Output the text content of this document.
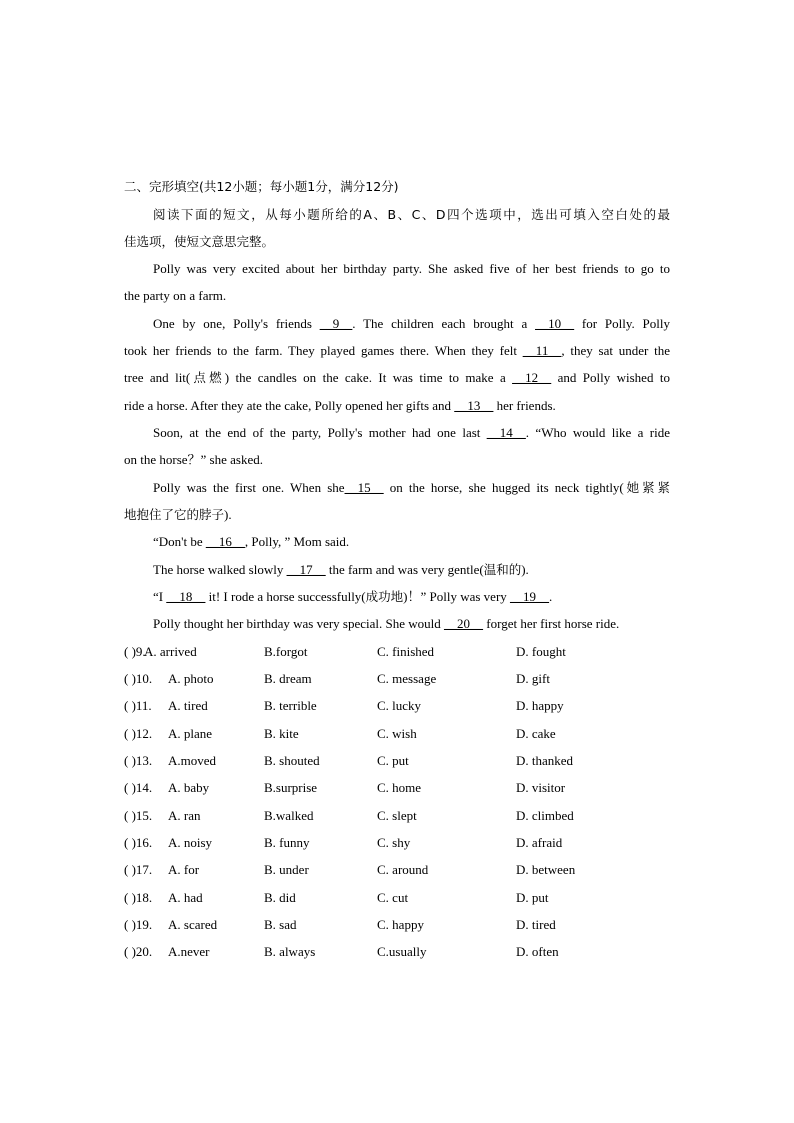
二、完形填空(共12小题；每小题1分，满分12分)
阅读下面的短文，从每小题所给的A、B、C、D四个选项中，选出可填入空白处的最
佳选项，使短文意思完整。
Polly was very excited about her birthday party. She asked five of her best friends to go to
the party on a farm.
One by one, Polly's friends __9__. The children each brought a __10__ for Polly. Polly
took her friends to the farm. They played games there. When they felt __11__, they sat under the
tree and lit(点燃) the candles on the cake. It was time to make a __12__ and Polly wished to
ride a horse. After they ate the cake, Polly opened her gifts and __13__ her friends.
Soon, at the end of the party, Polly's mother had one last __14__. “Who would like a ride
on the horse？” she asked.
Polly was the first one. When she__15__ on the horse, she hugged its neck tightly(她紧紧
地抱住了它的脖子).
“Don't be __16__, Polly, ” Mom said.
The horse walked slowly __17__ the farm and was very gentle(温和的).
“I __18__ it! I rode a horse successfully(成功地)！” Polly was very __19__.
Polly thought her birthday was very special. She would __20__ forget her first horse ride.
( )9.
A. arrived	B.forgot	C. finished	D. fought
( )10. A. photo	B. dream	C. message	D. gift
( )11. A. tired	B. terrible	C. lucky	D. happy
( )12. A. plane	B. kite	C. wish	D. cake
( )13. A.moved	B. shouted	C. put	D. thanked
( )14. A. baby	B.surprise	C. home	D. visitor
( )15. A. ran	B.walked	C. slept	D. climbed
( )16. A. noisy	B. funny	C. shy	D. afraid
( )17. A. for	B. under	C. around	D. between
( )18. A. had	B. did	C. cut	D. put
( )19. A. scared	B. sad	C. happy	D. tired
( )20. A.never	B. always	C.usually	D. often
